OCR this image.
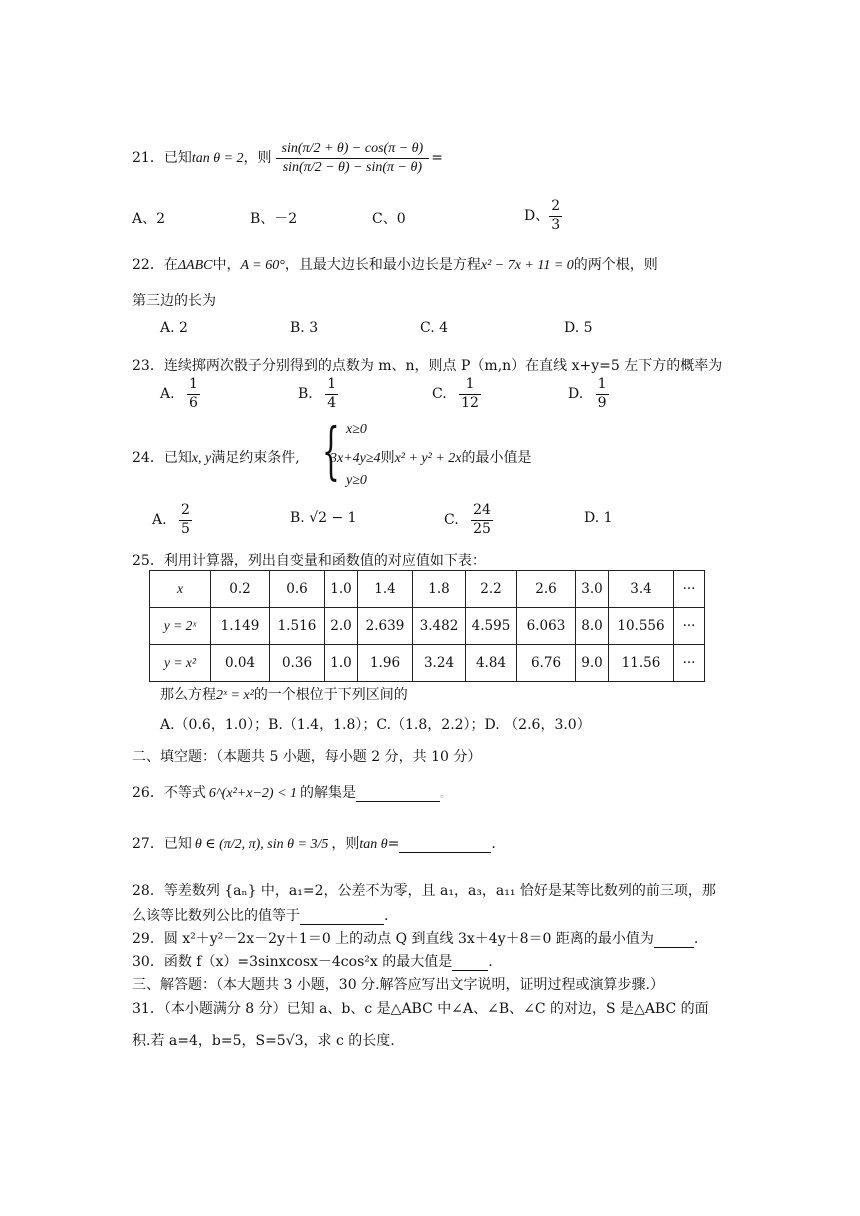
21．已知tan θ = 2，则 $\frac{\sin(\pi/2 + \theta) - \cos(\pi - \theta)}{\sin(\pi/2 - \theta) - \sin(\pi - \theta)}$ =
A、2	B、－2	C、0	D、 $\frac{2}{3}$
22．在ΔABC中，A = 60°，且最大边长和最小边长是方程x² − 7x + 11 = 0的两个根，则
第三边的长为
A. 2	B. 3	C. 4	D. 5
23．连续掷两次骰子分别得到的点数为 m、n，则点 P（m,n）在直线 x+y=5 左下方的概率为
A. $\frac{1}{6}$	B. $\frac{1}{4}$	C. $\frac{1}{12}$	D. $\frac{1}{9}$
24．已知x, y满足约束条件, { x≥0
3x+4y≥4则x² + y² + 2x的最小值是
y≥0
A. $\frac{2}{5}$	B. √2 − 1	C. $\frac{24}{25}$	D. 1
25．利用计算器，列出自变量和函数值的对应值如下表：
x	0.2	0.6	1.0	1.4	1.8	2.2	2.6	3.0	3.4	···
y = 2ˣ	1.149	1.516	2.0	2.639	3.482	4.595	6.063	8.0	10.556	···
y = x²	0.04	0.36	1.0	1.96	3.24	4.84	6.76	9.0	11.56	···
那么方程2ˣ = x²的一个根位于下列区间的
A.（0.6，1.0）；B.（1.4，1.8）；C.（1.8，2.2）；D. （2.6，3.0）
二、填空题：（本题共 5 小题，每小题 2 分，共 10 分）
26．不等式 6^(x²+x−2) < 1 的解集是	。
27．已知 θ ∈ (π/2, π), sin θ = 3/5 ，则tan θ=	.
28．等差数列 {aₙ} 中，a₁=2，公差不为零，且 a₁，a₃，a₁₁ 恰好是某等比数列的前三项，那
么该等比数列公比的值等于	.
29．圆 x²＋y²－2x－2y＋1＝0 上的动点 Q 到直线 3x＋4y＋8＝0 距离的最小值为	.
30．函数 f（x）=3sinxcosx－4cos²x 的最大值是	.
三、解答题：（本大题共 3 小题，30 分.解答应写出文字说明，证明过程或演算步骤.）
31．（本小题满分 8 分）已知 a、b、c 是△ABC 中∠A、∠B、∠C 的对边，S 是△ABC 的面
积.若 a=4，b=5，S=5√3，求 c 的长度.
